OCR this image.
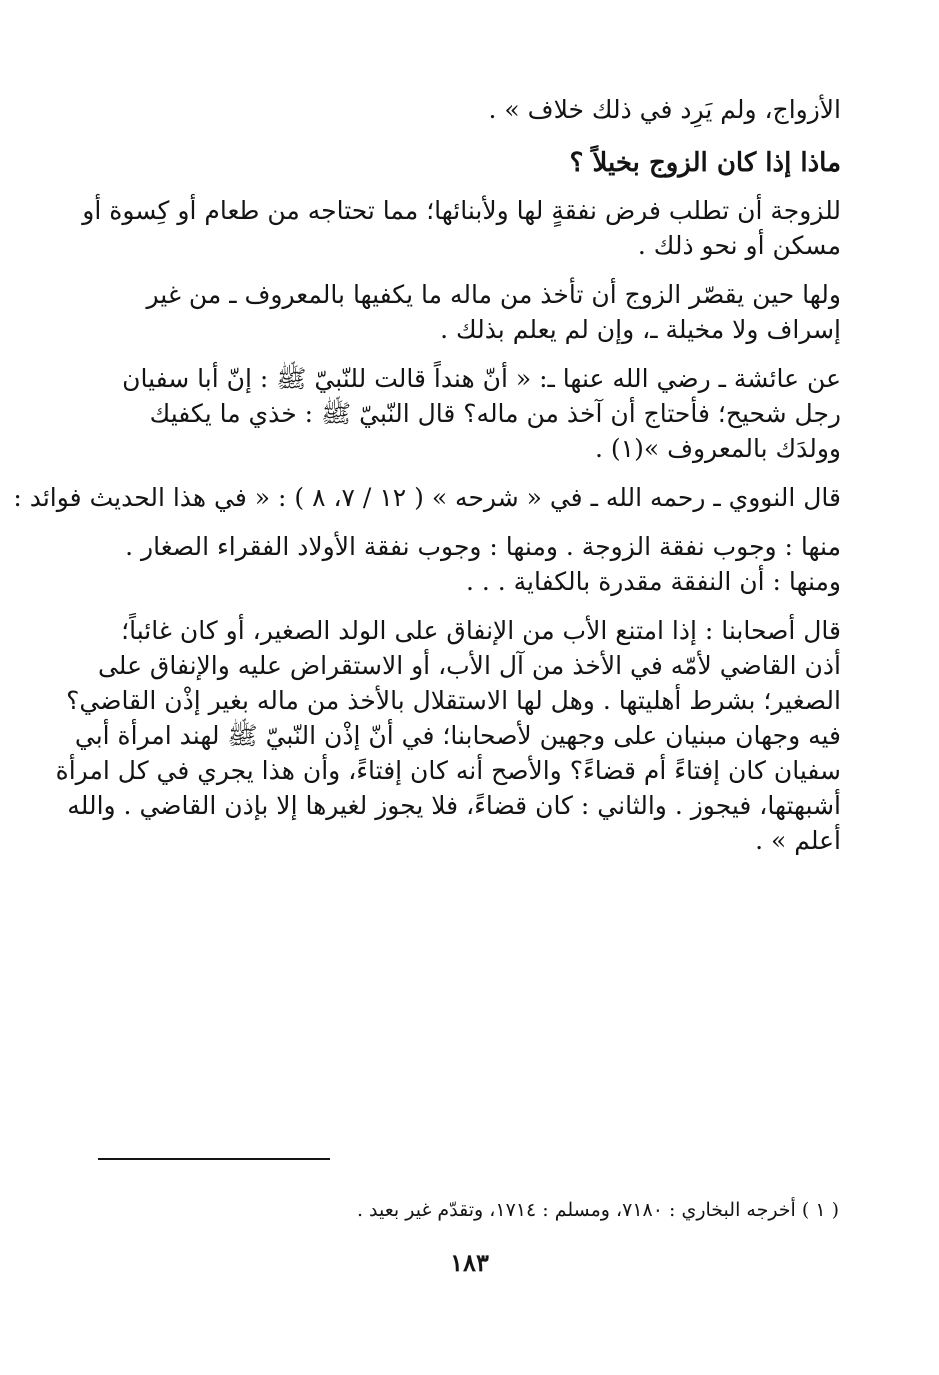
الأزواج، ولم يَرِد في ذلك خلاف » .

ماذا إذا كان الزوج بخيلاً ؟

للزوجة أن تطلب فرض نفقةٍ لها ولأبنائها؛ مما تحتاجه من طعام أو كِسوة أو

مسكن أو نحو ذلك .

ولها حين يقصّر الزوج أن تأخذ من ماله ما يكفيها بالمعروف ـ من غير

إسراف ولا مخيلة ـ، وإن لم يعلم بذلك .

عن عائشة ـ رضي الله عنها ـ: « أنّ هنداً قالت للنّبيّ ﷺ : إنّ أبا سفيان

رجل شحيح؛ فأحتاج أن آخذ من ماله؟ قال النّبيّ ﷺ : خذي ما يكفيك

وولدَك بالمعروف »(١) .

قال النووي ـ رحمه الله ـ في « شرحه » ( ١٢ / ٧، ٨ ) : « في هذا الحديث فوائد :

منها : وجوب نفقة الزوجة . ومنها : وجوب نفقة الأولاد الفقراء الصغار .

ومنها : أن النفقة مقدرة بالكفاية . . .

قال أصحابنا : إذا امتنع الأب من الإنفاق على الولد الصغير، أو كان غائباً؛

أذن القاضي لأمّه في الأخذ من آل الأب، أو الاستقراض عليه والإنفاق على

الصغير؛ بشرط أهليتها . وهل لها الاستقلال بالأخذ من ماله بغير إذْن القاضي؟

فيه وجهان مبنيان على وجهين لأصحابنا؛ في أنّ إذْن النّبيّ ﷺ لهند امرأة أبي

سفيان كان إفتاءً أم قضاءً؟ والأصح أنه كان إفتاءً، وأن هذا يجري في كل امرأة

أشبهتها، فيجوز . والثاني : كان قضاءً، فلا يجوز لغيرها إلا بإذن القاضي . والله

أعلم » .

( ١ ) أخرجه البخاري : ٧١٨٠، ومسلم : ١٧١٤، وتقدّم غير بعيد .

١٨٣
